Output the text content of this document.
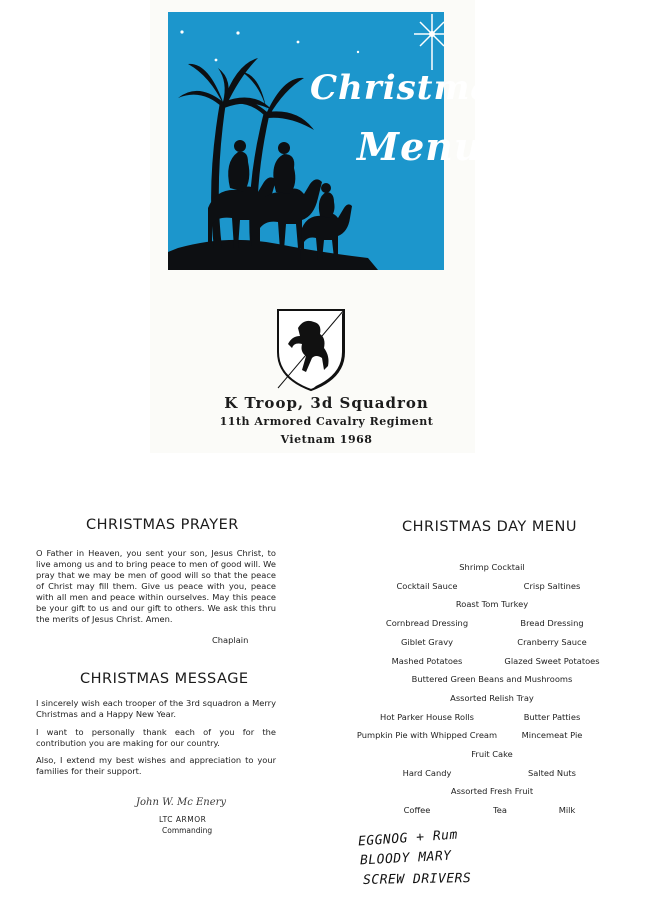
Christmas
Menu
K Troop, 3d Squadron
11th Armored Cavalry Regiment
Vietnam 1968
CHRISTMAS PRAYER
O Father in Heaven, you sent your son, Jesus Christ, to live among us and to bring peace to men of good will. We pray that we may be men of good will so that the peace of Christ may fill them. Give us peace with you, peace with all men and peace within ourselves. May this peace be your gift to us and our gift to others. We ask this thru the merits of Jesus Christ. Amen.
Chaplain
CHRISTMAS MESSAGE

I sincerely wish each trooper of the 3rd squadron a Merry Christmas and a Happy New Year.

I want to personally thank each of you for the contribution you are making for our country.

Also, I extend my best wishes and appreciation to your families for their support.

John W. Mc Enery
LTC ARMOR
Commanding
CHRISTMAS DAY MENU
Shrimp Cocktail
Cocktail Sauce	Crisp Saltines
Roast Tom Turkey
Cornbread Dressing	Bread Dressing
Giblet Gravy	Cranberry Sauce
Mashed Potatoes	Glazed Sweet Potatoes
Buttered Green Beans and Mushrooms
Assorted Relish Tray
Hot Parker House Rolls	Butter Patties
Pumpkin Pie with Whipped Cream	Mincemeat Pie
Fruit Cake
Hard Candy	Salted Nuts
Assorted Fresh Fruit
Coffee	Tea	Milk
EGGNOG + Rum
BLOODY MARY
SCREW DRIVERS
